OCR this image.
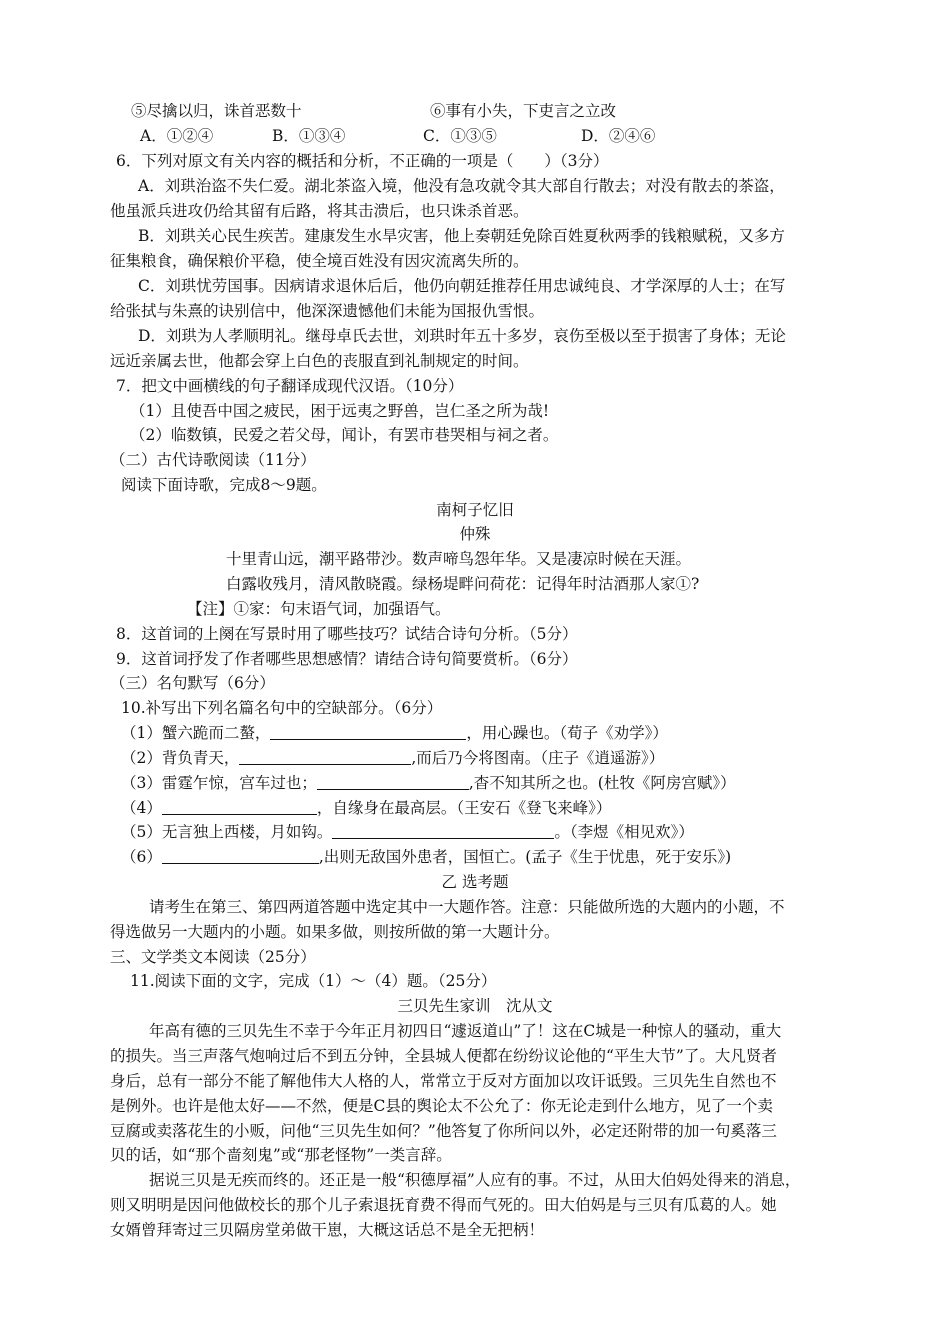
⑤尽擒以归，诛首恶数十	⑥事有小失，下吏言之立改
A．①②④	B．①③④	C．①③⑤	D．②④⑥
6．下列对原文有关内容的概括和分析，不正确的一项是（　　）（3分）
A．刘珙治盗不失仁爱。湖北茶盗入境，他没有急攻就令其大部自行散去；对没有散去的茶盗，
他虽派兵进攻仍给其留有后路，将其击溃后，也只诛杀首恶。
B．刘珙关心民生疾苦。建康发生水旱灾害，他上奏朝廷免除百姓夏秋两季的钱粮赋税，又多方
征集粮食，确保粮价平稳，使全境百姓没有因灾流离失所的。
C．刘珙忧劳国事。因病请求退休后后，他仍向朝廷推荐任用忠诚纯良、才学深厚的人士；在写
给张拭与朱熹的诀别信中，他深深遗憾他们未能为国报仇雪恨。
D．刘珙为人孝顺明礼。继母卓氏去世，刘珙时年五十多岁，哀伤至极以至于损害了身体；无论
远近亲属去世，他都会穿上白色的丧服直到礼制规定的时间。
7．把文中画横线的句子翻译成现代汉语。（10分）
（1）且使吾中国之疲民，困于远夷之野兽，岂仁圣之所为哉!
（2）临数镇，民爱之若父母，闻讣，有罢市巷哭相与祠之者。
（二）古代诗歌阅读（11分）
阅读下面诗歌，完成8～9题。
南柯子忆旧
仲殊
十里青山远，潮平路带沙。数声啼鸟怨年华。又是凄凉时候在天涯。
白露收残月，清风散晓霞。绿杨堤畔问荷花：记得年时沽酒那人家①?
【注】①家：句末语气词，加强语气。
8．这首词的上阕在写景时用了哪些技巧？试结合诗句分析。（5分）
9．这首词抒发了作者哪些思想感情？请结合诗句简要赏析。（6分）
（三）名句默写（6分）
10.补写出下列名篇名句中的空缺部分。（6分）
（1）蟹六跪而二螯，	，用心躁也。（荀子《劝学》）
（2）背负青天，	,而后乃今将图南。（庄子《逍遥游》）
（3）雷霆乍惊，宫车过也；	,杳不知其所之也。(杜牧《阿房宫赋》）
（4）	，自缘身在最高层。（王安石《登飞来峰》）
（5）无言独上西楼，月如钩。	。（李煜《相见欢》）
（6）	,出则无敌国外患者，国恒亡。(孟子《生于忧患，死于安乐》)
乙 选考题
请考生在第三、第四两道答题中选定其中一大题作答。注意：只能做所选的大题内的小题，不
得选做另一大题内的小题。如果多做，则按所做的第一大题计分。
三、文学类文本阅读（25分）
11.阅读下面的文字，完成（1）～（4）题。（25分）
三贝先生家训　沈从文
年高有德的三贝先生不幸于今年正月初四日“遽返道山”了！这在C城是一种惊人的骚动，重大
的损失。当三声落气炮响过后不到五分钟，全县城人便都在纷纷议论他的“平生大节”了。大凡贤者
身后，总有一部分不能了解他伟大人格的人，常常立于反对方面加以攻讦诋毁。三贝先生自然也不
是例外。也许是他太好——不然，便是C县的舆论太不公允了：你无论走到什么地方，见了一个卖
豆腐或卖落花生的小贩，问他“三贝先生如何？”他答复了你所问以外，必定还附带的加一句奚落三
贝的话，如“那个啬刻鬼”或“那老怪物”一类言辞。
据说三贝是无疾而终的。还正是一般“积德厚福”人应有的事。不过，从田大伯妈处得来的消息，
则又明明是因问他做校长的那个儿子索退抚育费不得而气死的。田大伯妈是与三贝有瓜葛的人。她
女婿曾拜寄过三贝隔房堂弟做干崽，大概这话总不是全无把柄！
